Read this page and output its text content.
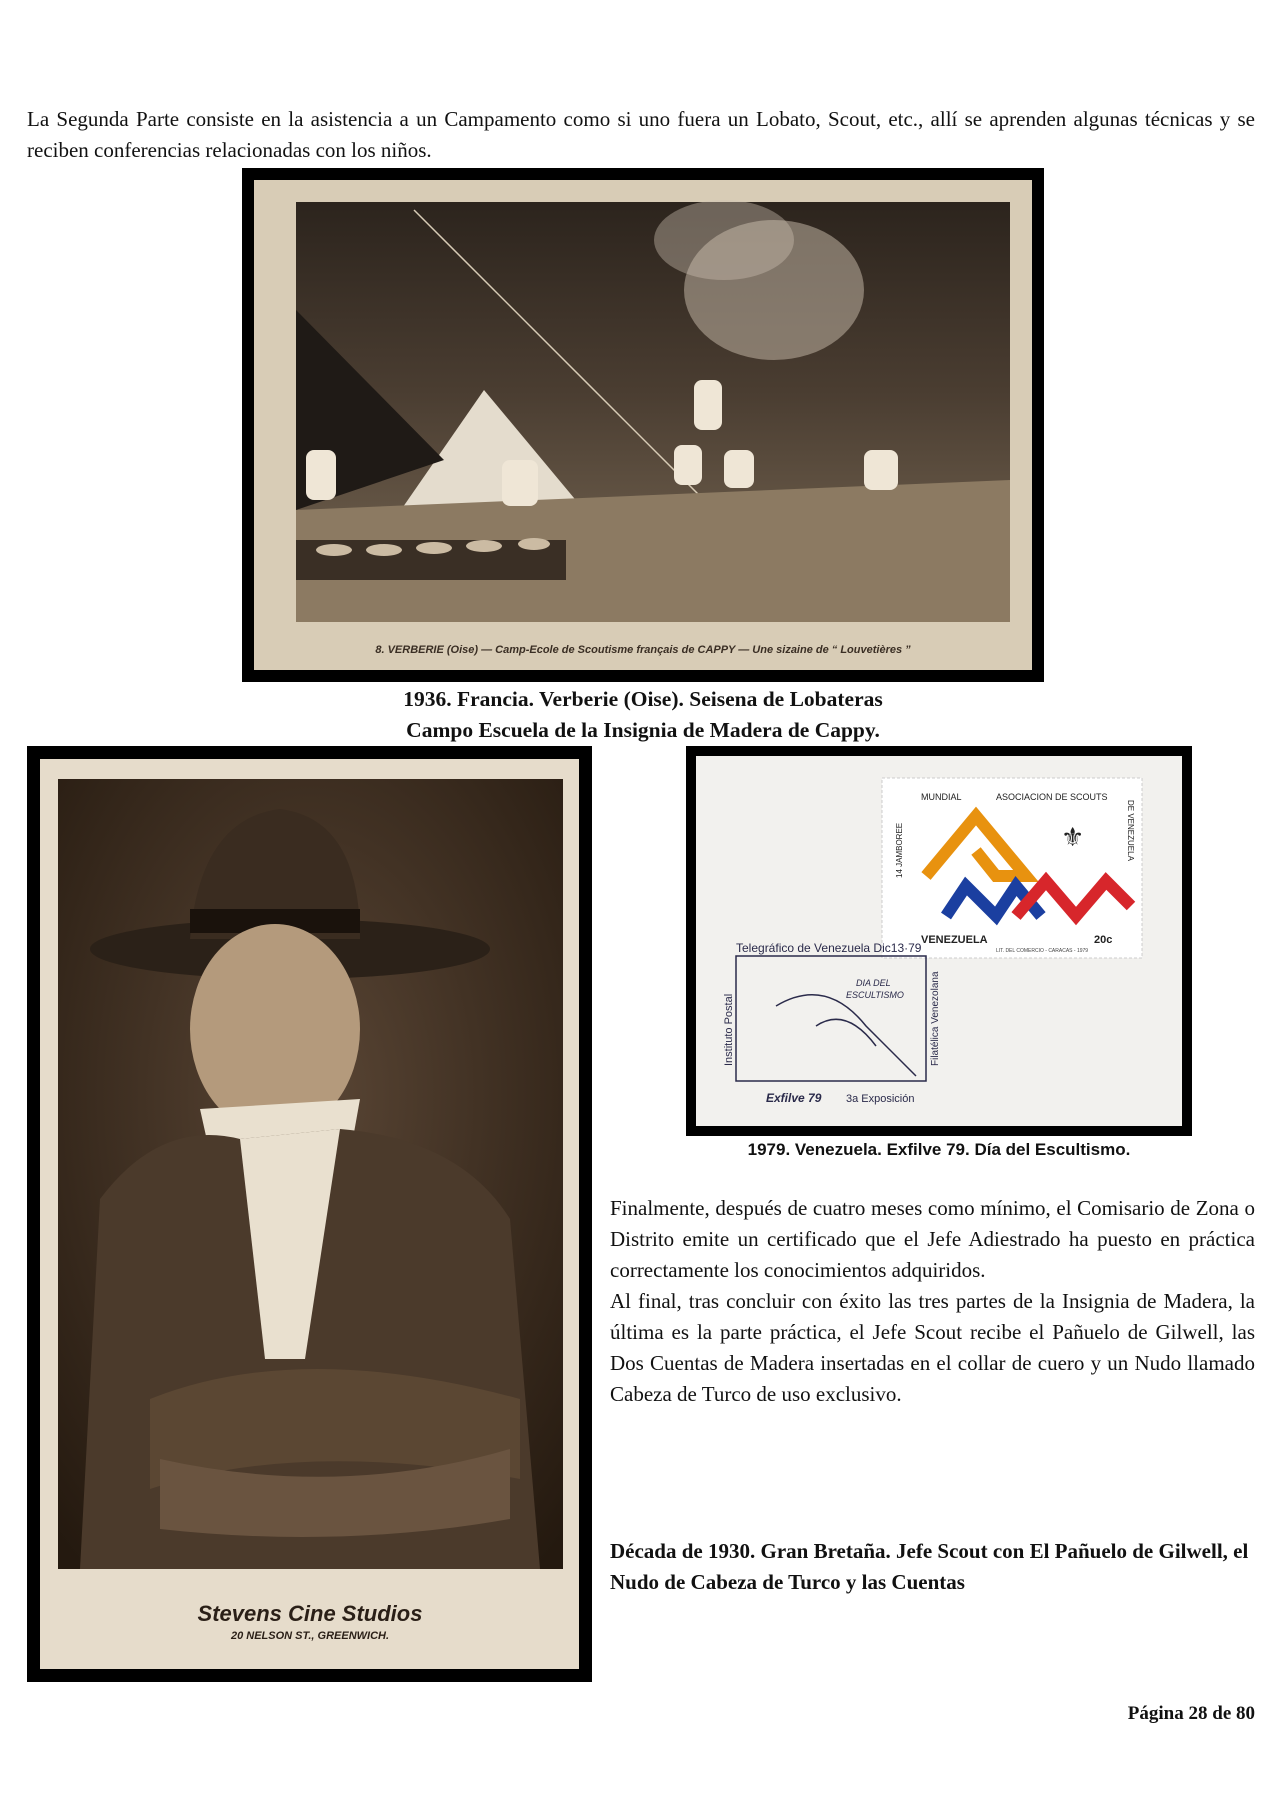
La Segunda Parte consiste en la asistencia a un Campamento como si uno fuera un Lobato, Scout, etc., allí se aprenden algunas técnicas y se reciben conferencias relacionadas con los niños.
8. VERBERIE (Oise) — Camp-Ecole de Scoutisme français de CAPPY — Une sizaine de “ Louvetières ”
1936. Francia. Verberie (Oise). Seisena de Lobateras
Campo Escuela de la Insignia de Madera de Cappy.
Stevens Cine Studios
20 NELSON ST., GREENWICH.
MUNDIAL	ASOCIACION DE SCOUTS
14 JAMBOREE	DE VENEZUELA
⚜
VENEZUELA	20c
LIT. DEL COMERCIO - CARACAS - 1979
Telegráfico de Venezuela Dic13·79
Instituto Postal	Filatélica Venezolana
DIA DEL
ESCULTISMO
Exfilve 79 3a Exposición
1979. Venezuela. Exfilve 79. Día del Escultismo.

Finalmente, después de cuatro meses como mínimo, el Comisario de Zona o Distrito emite un certificado que el Jefe Adiestrado ha puesto en práctica correctamente los conocimientos adquiridos.

Al final, tras concluir con éxito las tres partes de la Insignia de Madera, la última es la parte práctica, el Jefe Scout recibe el Pañuelo de Gilwell, las Dos Cuentas de Madera insertadas en el collar de cuero y un Nudo llamado Cabeza de Turco de uso exclusivo.

Década de 1930. Gran Bretaña. Jefe Scout con El Pañuelo de Gilwell, el Nudo de Cabeza de Turco y las Cuentas
Página 28 de 80
